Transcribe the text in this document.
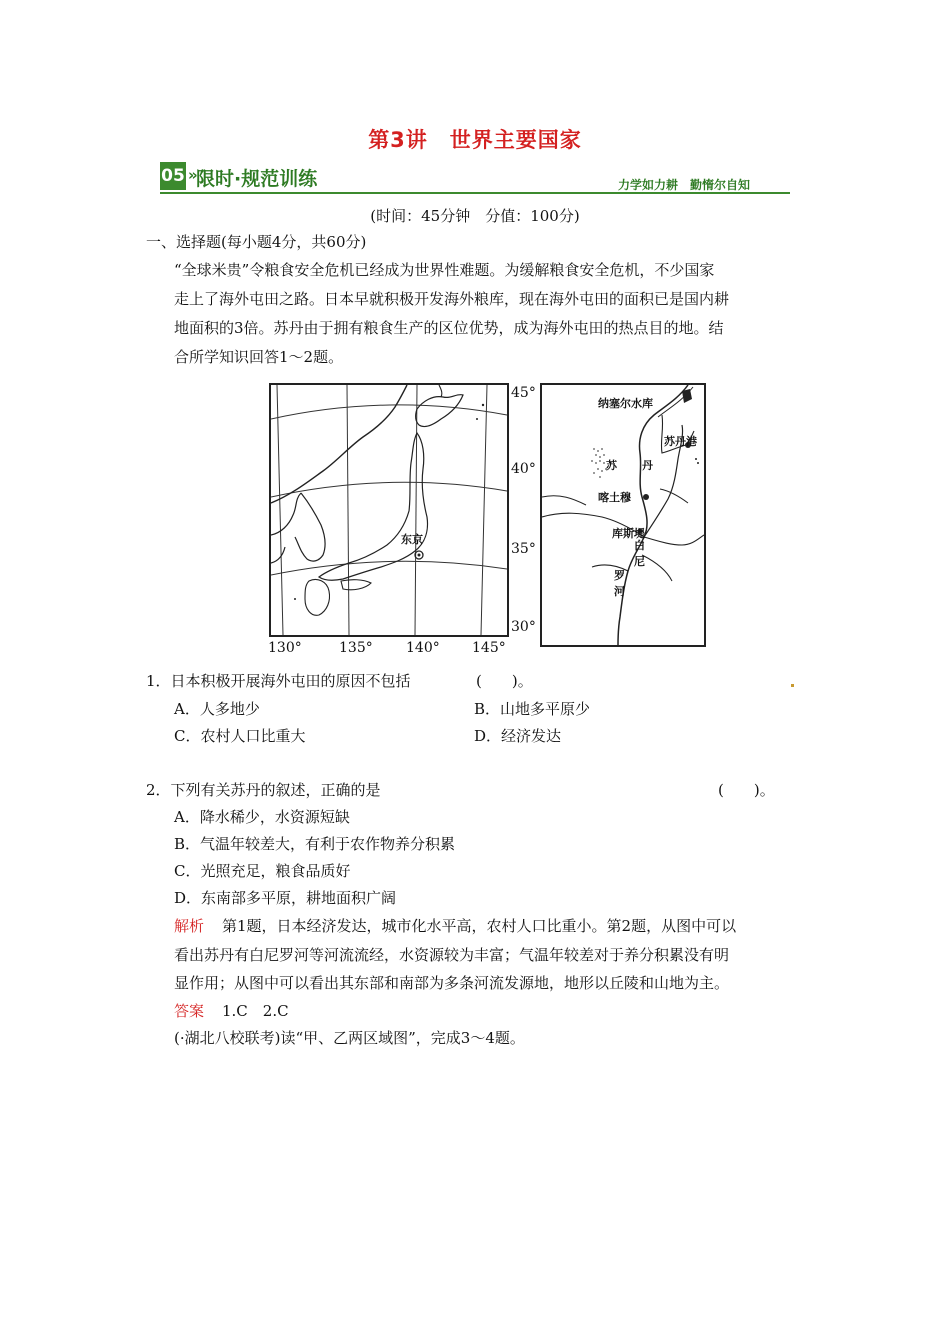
第3讲　世界主要国家
05 »
限时·规范训练	力学如力耕　勤惰尔自知
(时间：45分钟　分值：100分)
一、选择题(每小题4分，共60分)
“全球米贵”令粮食安全危机已经成为世界性难题。为缓解粮食安全危机，不少国家
走上了海外屯田之路。日本早就积极开发海外粮库，现在海外屯田的面积已是国内耕
地面积的3倍。苏丹由于拥有粮食生产的区位优势，成为海外屯田的热点目的地。结
合所学知识回答1～2题。
东京
45°
40°
35°
30°
130°	135° 140° 145°
纳塞尔水库
苏丹港
苏 丹
喀土穆
库斯堤
白
尼
罗
河
1．日本积极开展海外屯田的原因不包括	(　　)。
A．人多地少	B．山地多平原少
C．农村人口比重大	D．经济发达
2．下列有关苏丹的叙述，正确的是	(　　)。
A．降水稀少，水资源短缺
B．气温年较差大，有利于农作物养分积累
C．光照充足，粮食品质好
D．东南部多平原，耕地面积广阔
解析 第1题，日本经济发达，城市化水平高，农村人口比重小。第2题，从图中可以
看出苏丹有白尼罗河等河流流经，水资源较为丰富；气温年较差对于养分积累没有明
显作用；从图中可以看出其东部和南部为多条河流发源地，地形以丘陵和山地为主。
答案 1.C　2.C
(·湖北八校联考)读“甲、乙两区域图”，完成3～4题。
